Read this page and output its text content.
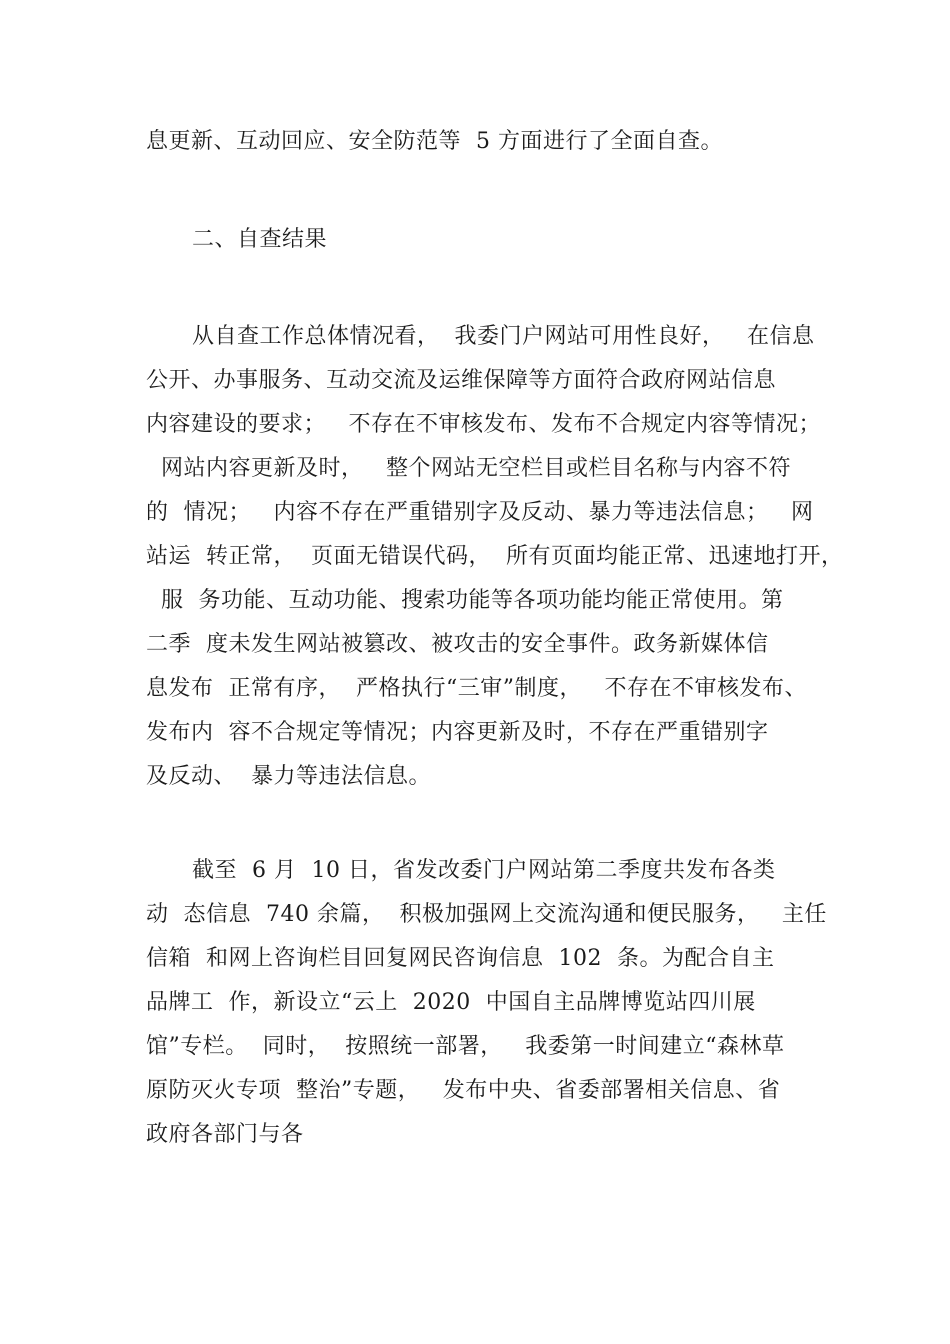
息更新、互动回应、安全防范等  5 方面进行了全面自查。
二、自查结果
从自查工作总体情况看，  我委门户网站可用性良好，   在信息
公开、办事服务、互动交流及运维保障等方面符合政府网站信息
内容建设的要求；   不存在不审核发布、发布不合规定内容等情况；
网站内容更新及时，   整个网站无空栏目或栏目名称与内容不符
的  情况；   内容不存在严重错别字及反动、暴力等违法信息；   网
站运  转正常，  页面无错误代码，  所有页面均能正常、迅速地打开，
服  务功能、互动功能、搜索功能等各项功能均能正常使用。第
二季  度未发生网站被篡改、被攻击的安全事件。政务新媒体信
息发布  正常有序，  严格执行“三审”制度，   不存在不审核发布、
发布内  容不合规定等情况；内容更新及时，不存在严重错别字
及反动、  暴力等违法信息。
截至  6 月  10 日，省发改委门户网站第二季度共发布各类
动  态信息  740 余篇，  积极加强网上交流沟通和便民服务，   主任
信箱  和网上咨询栏目回复网民咨询信息  102  条。为配合自主
品牌工  作，新设立“云上  2020  中国自主品牌博览站四川展
馆”专栏。  同时，  按照统一部署，   我委第一时间建立“森林草
原防灭火专项  整治”专题，   发布中央、省委部署相关信息、省
政府各部门与各
